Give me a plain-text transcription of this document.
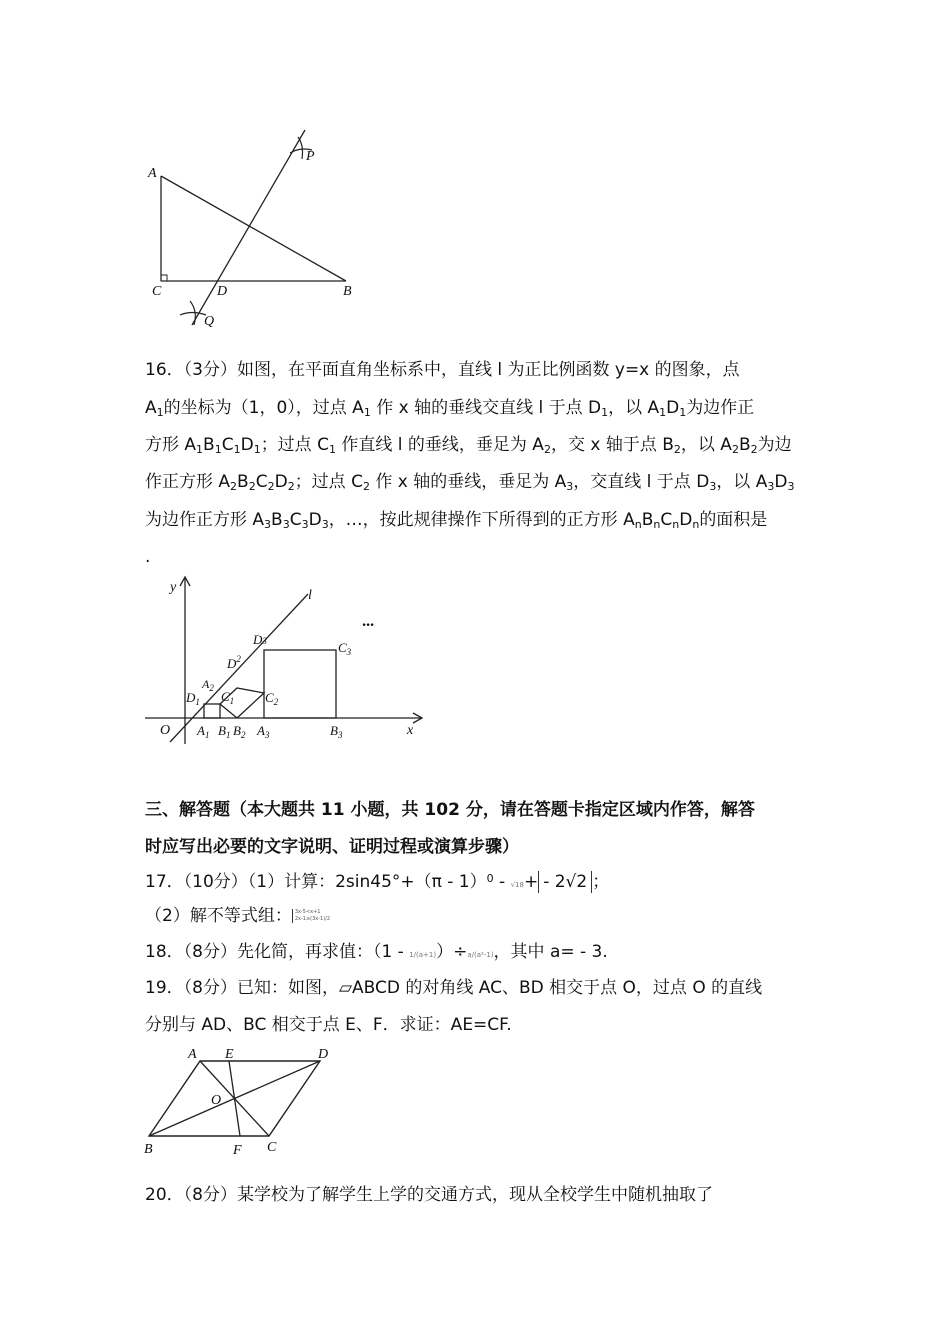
A
B
C	D
P
Q
16．（3分）如图，在平面直角坐标系中，直线 l 为正比例函数 y=x 的图象，点
$A_1$的坐标为（1，0），过点 $A_1$ 作 x 轴的垂线交直线 l 于点 $D_1$，以 $A_1D_1$为边作正
方形 $A_1B_1C_1D_1$；过点 $C_1$ 作直线 l 的垂线，垂足为 $A_2$，交 x 轴于点 $B_2$，以 $A_2B_2$为边
作正方形 $A_2B_2C_2D_2$；过点 $C_2$ 作 x 轴的垂线，垂足为 $A_3$，交直线 l 于点 $D_3$，以 $A_3D_3$
为边作正方形 $A_3B_3C_3D_3$，…，按此规律操作下所得到的正方形 $A_nB_nC_nD_n$的面积是
.
y
x
l
O
···
$A_1$ $B_1$ $B_2$ $A_3$	$B_3$
$D_1$ $C_1$
$A_2$
$D^2$
$C_2$
D3	$C_3$
三、解答题（本大题共 11 小题，共 102 分，请在答题卡指定区域内作答，解答
时应写出必要的文字说明、证明过程或演算步骤）
17．（10分）（1）计算：2sin45°+（π - 1）$^0$ - √18+- 2√2 ；
（2）解不等式组： 3x-5<x+1
2x-1≥(3x-1)/2
18．（8分）先化简，再求值：（1 - 1/(a+1)）÷a/(a²-1)，其中 a= - 3.
19．（8分）已知：如图，▱ABCD 的对角线 AC、BD 相交于点 O，过点 O 的直线
分别与 AD、BC 相交于点 E、F．求证：AE=CF.
A E	D
O
B	F C
20．（8分）某学校为了解学生上学的交通方式，现从全校学生中随机抽取了
